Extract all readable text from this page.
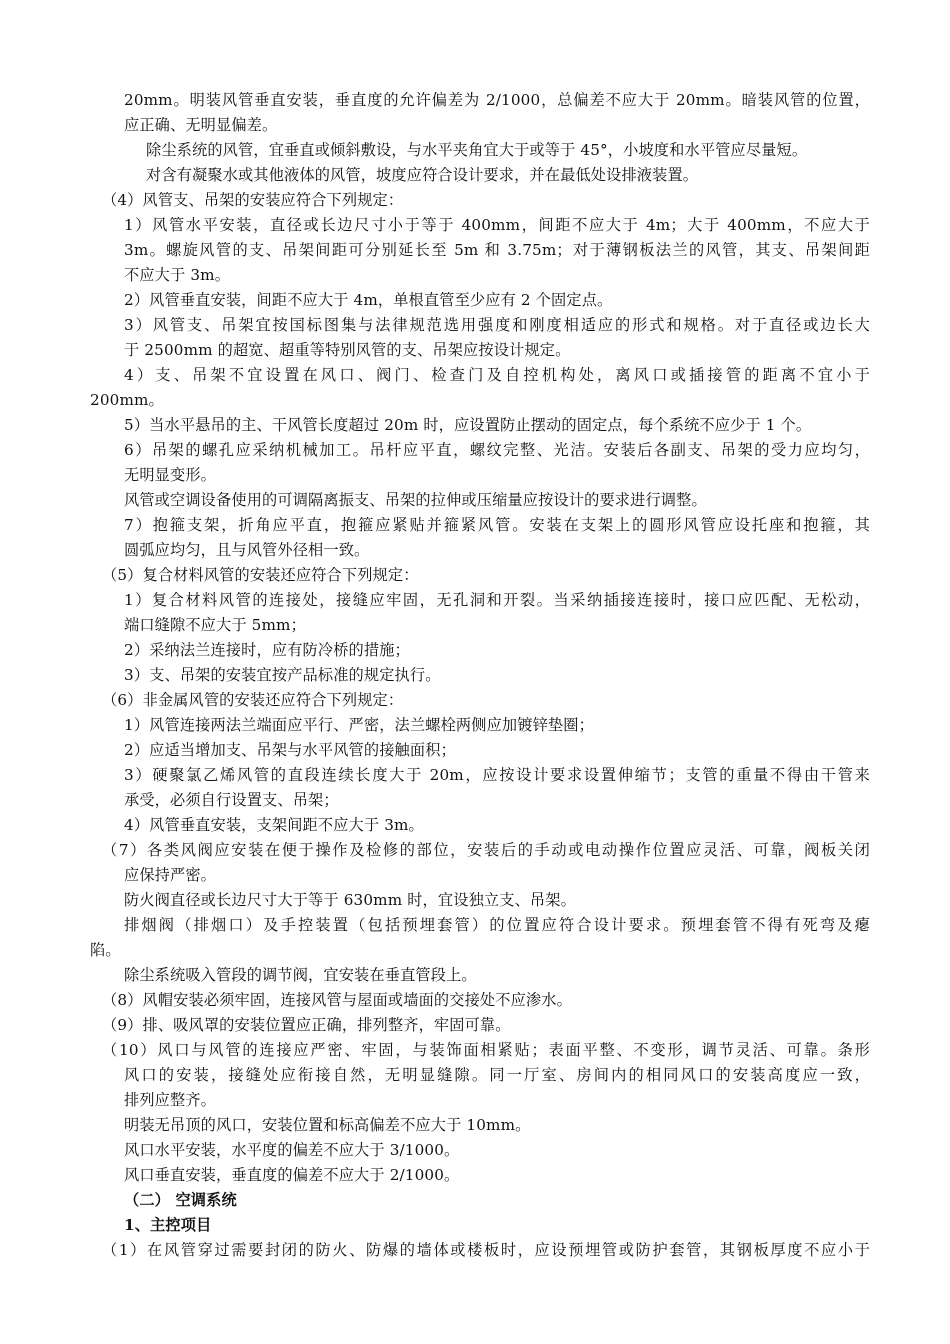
20mm。明装风管垂直安装，垂直度的允许偏差为 2/1000，总偏差不应大于 20mm。暗装风管的位置，
应正确、无明显偏差。
除尘系统的风管，宜垂直或倾斜敷设，与水平夹角宜大于或等于 45°，小坡度和水平管应尽量短。
对含有凝聚水或其他液体的风管，坡度应符合设计要求，并在最低处设排液装置。
（4）风管支、吊架的安装应符合下列规定：
1）风管水平安装，直径或长边尺寸小于等于 400mm，间距不应大于 4m；大于 400mm，不应大于
3m。螺旋风管的支、吊架间距可分别延长至 5m 和 3.75m；对于薄钢板法兰的风管，其支、吊架间距
不应大于 3m。
2）风管垂直安装，间距不应大于 4m，单根直管至少应有 2 个固定点。
3）风管支、吊架宜按国标图集与法律规范选用强度和刚度相适应的形式和规格。对于直径或边长大
于 2500mm 的超宽、超重等特别风管的支、吊架应按设计规定。
4）支、吊架不宜设置在风口、阀门、检查门及自控机构处，离风口或插接管的距离不宜小于
200mm。
5）当水平悬吊的主、干风管长度超过 20m 时，应设置防止摆动的固定点，每个系统不应少于 1 个。
6）吊架的螺孔应采纳机械加工。吊杆应平直，螺纹完整、光洁。安装后各副支、吊架的受力应均匀，
无明显变形。
风管或空调设备使用的可调隔离振支、吊架的拉伸或压缩量应按设计的要求进行调整。
7）抱箍支架，折角应平直，抱箍应紧贴并箍紧风管。安装在支架上的圆形风管应设托座和抱箍，其
圆弧应均匀，且与风管外径相一致。
（5）复合材料风管的安装还应符合下列规定：
1）复合材料风管的连接处，接缝应牢固，无孔洞和开裂。当采纳插接连接时，接口应匹配、无松动，
端口缝隙不应大于 5mm；
2）采纳法兰连接时，应有防冷桥的措施；
3）支、吊架的安装宜按产品标准的规定执行。
（6）非金属风管的安装还应符合下列规定：
1）风管连接两法兰端面应平行、严密，法兰螺栓两侧应加镀锌垫圈；
2）应适当增加支、吊架与水平风管的接触面积；
3）硬聚氯乙烯风管的直段连续长度大于 20m，应按设计要求设置伸缩节；支管的重量不得由干管来
承受，必须自行设置支、吊架；
4）风管垂直安装，支架间距不应大于 3m。
（7）各类风阀应安装在便于操作及检修的部位，安装后的手动或电动操作位置应灵活、可靠，阀板关闭
应保持严密。
防火阀直径或长边尺寸大于等于 630mm 时，宜设独立支、吊架。
排烟阀（排烟口）及手控装置（包括预埋套管）的位置应符合设计要求。预埋套管不得有死弯及瘪
陷。
除尘系统吸入管段的调节阀，宜安装在垂直管段上。
（8）风帽安装必须牢固，连接风管与屋面或墙面的交接处不应渗水。
（9）排、吸风罩的安装位置应正确，排列整齐，牢固可靠。
（10）风口与风管的连接应严密、牢固，与装饰面相紧贴；表面平整、不变形，调节灵活、可靠。条形
风口的安装，接缝处应衔接自然，无明显缝隙。同一厅室、房间内的相同风口的安装高度应一致，
排列应整齐。
明装无吊顶的风口，安装位置和标高偏差不应大于 10mm。
风口水平安装，水平度的偏差不应大于 3/1000。
风口垂直安装，垂直度的偏差不应大于 2/1000。
（二） 空调系统
1、主控项目
（1）在风管穿过需要封闭的防火、防爆的墙体或楼板时，应设预埋管或防护套管，其钢板厚度不应小于
